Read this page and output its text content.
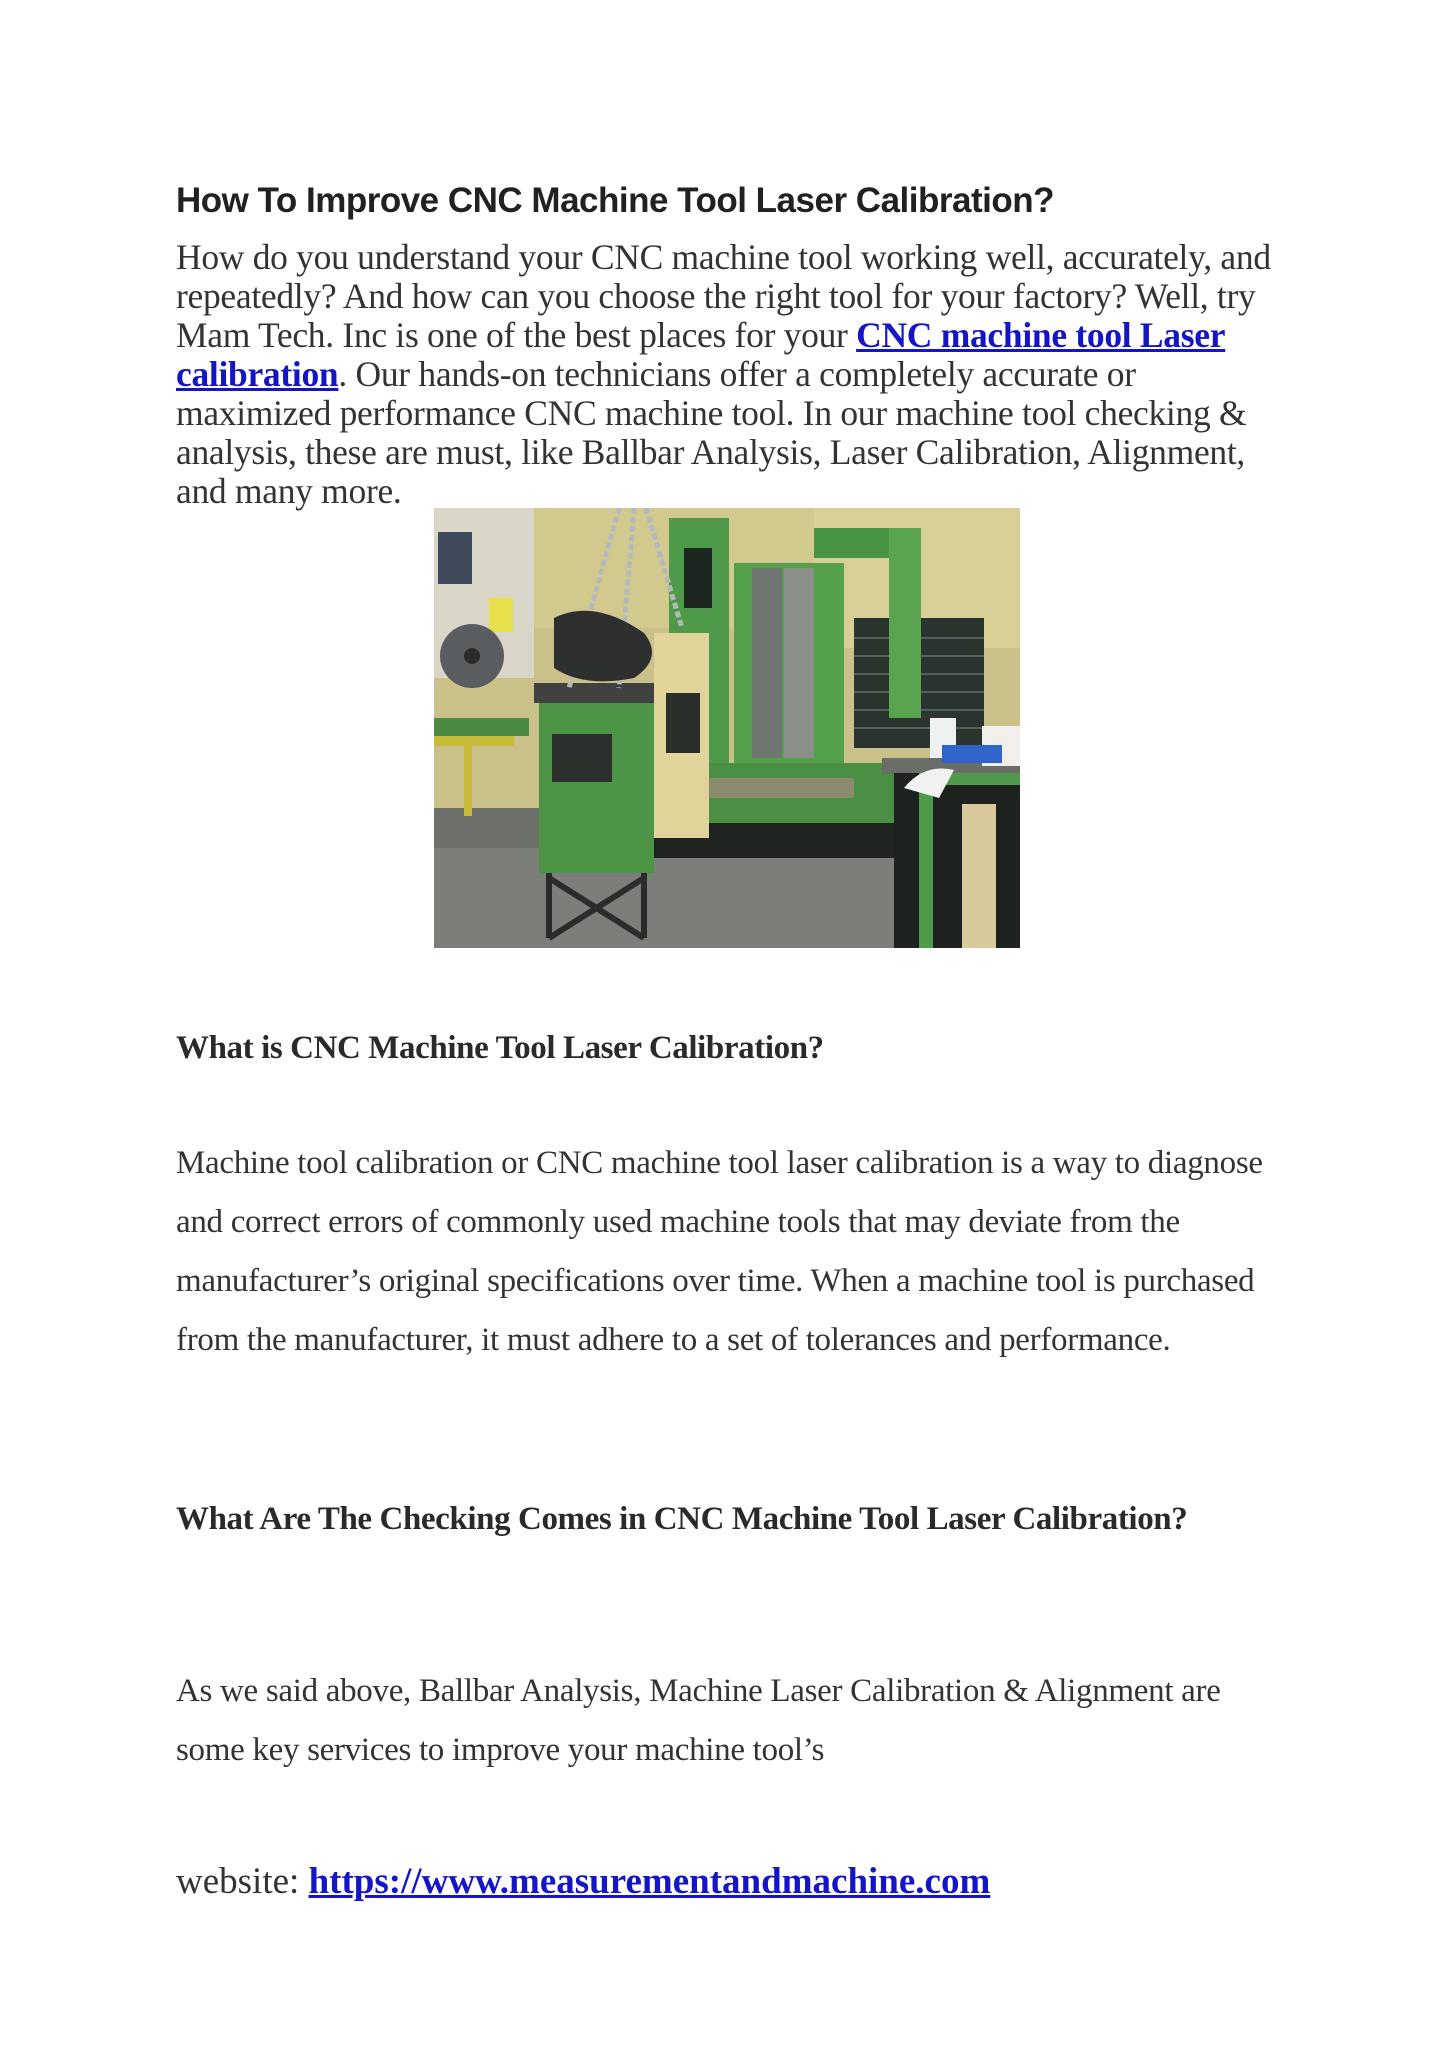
How To Improve CNC Machine Tool Laser Calibration?
How do you understand your CNC machine tool working well, accurately, and repeatedly? And how can you choose the right tool for your factory? Well, try Mam Tech. Inc is one of the best places for your CNC machine tool Laser calibration. Our hands-on technicians offer a completely accurate or maximized performance CNC machine tool. In our machine tool checking & analysis, these are must, like Ballbar Analysis, Laser Calibration, Alignment, and many more.
What is CNC Machine Tool Laser Calibration?
Machine tool calibration or CNC machine tool laser calibration is a way to diagnose and correct errors of commonly used machine tools that may deviate from the manufacturer’s original specifications over time. When a machine tool is purchased from the manufacturer, it must adhere to a set of tolerances and performance.
What Are The Checking Comes in CNC Machine Tool Laser Calibration?
As we said above, Ballbar Analysis, Machine Laser Calibration & Alignment are some key services to improve your machine tool’s
website: https://www.measurementandmachine.com
